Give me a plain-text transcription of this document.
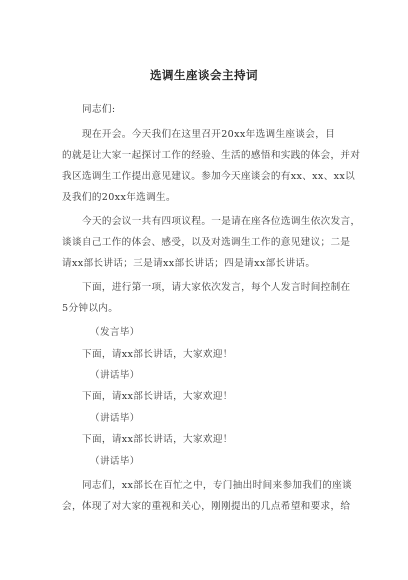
选调生座谈会主持词
同志们:
现在开会。今天我们在这里召开20xx年选调生座谈会，目
的就是让大家一起探讨工作的经验、生活的感悟和实践的体会，并对
我区选调生工作提出意见建议。参加今天座谈会的有xx、xx、xx以
及我们的20xx年选调生。
今天的会议一共有四项议程。一是请在座各位选调生依次发言，
谈谈自己工作的体会、感受，以及对选调生工作的意见建议；二是
请xx部长讲话；三是请xx部长讲话；四是请xx部长讲话。
下面，进行第一项，请大家依次发言，每个人发言时间控制在
5分钟以内。
（发言毕）
下面，请xx部长讲话，大家欢迎！
（讲话毕）
下面，请xx部长讲话，大家欢迎！
（讲话毕）
下面，请xx部长讲话，大家欢迎！
（讲话毕）
同志们，xx部长在百忙之中，专门抽出时间来参加我们的座谈
会，体现了对大家的重视和关心，刚刚提出的几点希望和要求，给
